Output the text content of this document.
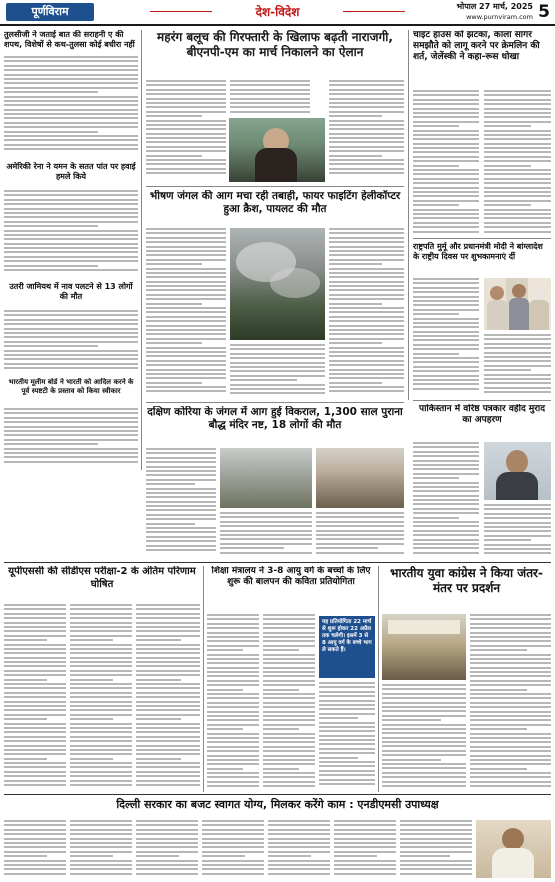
पूर्णविराम	देश-विदेश	भोपाल 27 मार्च, 2025
www.purnviram.com 5
तुलसीजी ने जताई बात की सराहनी ए की शपथ, विशेषों से कथ-तुलसा कोई बधीरा नहीं
अमेरिकी रेना ने यमन के सतत पांत पर हवाई हमले किये
उतरी जामियथ में नाव पलटने से 13 लोगों की मौत
भारतीय मूलीम बोर्ड ने भारती को आदिल करने के पूर्व स्पष्टटी के प्रस्ताव को किया स्वीकार
महरंग बलूच की गिरफ्तारी के खिलाफ बढ़ती नाराजगी, बीएनपी-एम का मार्च निकालने का ऐलान
भीषण जंगल की आग मचा रही तबाही, फायर फाइटिंग हेलीकॉप्टर हुआ क्रैश, पायलट की मौत
चाइट हाउस को झटका, काला सागर समझौते को लागू करने पर क्रेमलिन की शर्त, जेलेंस्की ने कहा-रूस धोखा
राष्ट्रपति मुर्मू और प्रधानमंत्री मोदी ने बांग्लादेश के राष्ट्रीय दिवस पर शुभकामनाएं दीं
दक्षिण कोरिया के जंगल में आग हुई विकराल, 1,300 साल पुराना बौद्ध मंदिर नष्ट, 18 लोगों की मौत
पाकिस्तान में वरिष्ठ पत्रकार वहीद मुराद का अपहरण
यूपीएससी की सीडीएस परीक्षा-2 के अंतिम परिणाम घोषित
शिक्षा मंत्रालय ने 3-8 आयु वर्ग के बच्चों के लिए शुरू की बालपन की कविता प्रतियोगिता
यह प्रतियोगिता 22 मार्च से शुरू होकर 22 अप्रैल तक चलेगी। इसमें 3 से 8 आयु वर्ग के बच्चे भाग ले सकते हैं।
भारतीय युवा कांग्रेस ने किया जंतर-मंतर पर प्रदर्शन
दिल्ली सरकार का बजट स्वागत योग्य, मिलकर करेंगे काम : एनडीएमसी उपाध्यक्ष
